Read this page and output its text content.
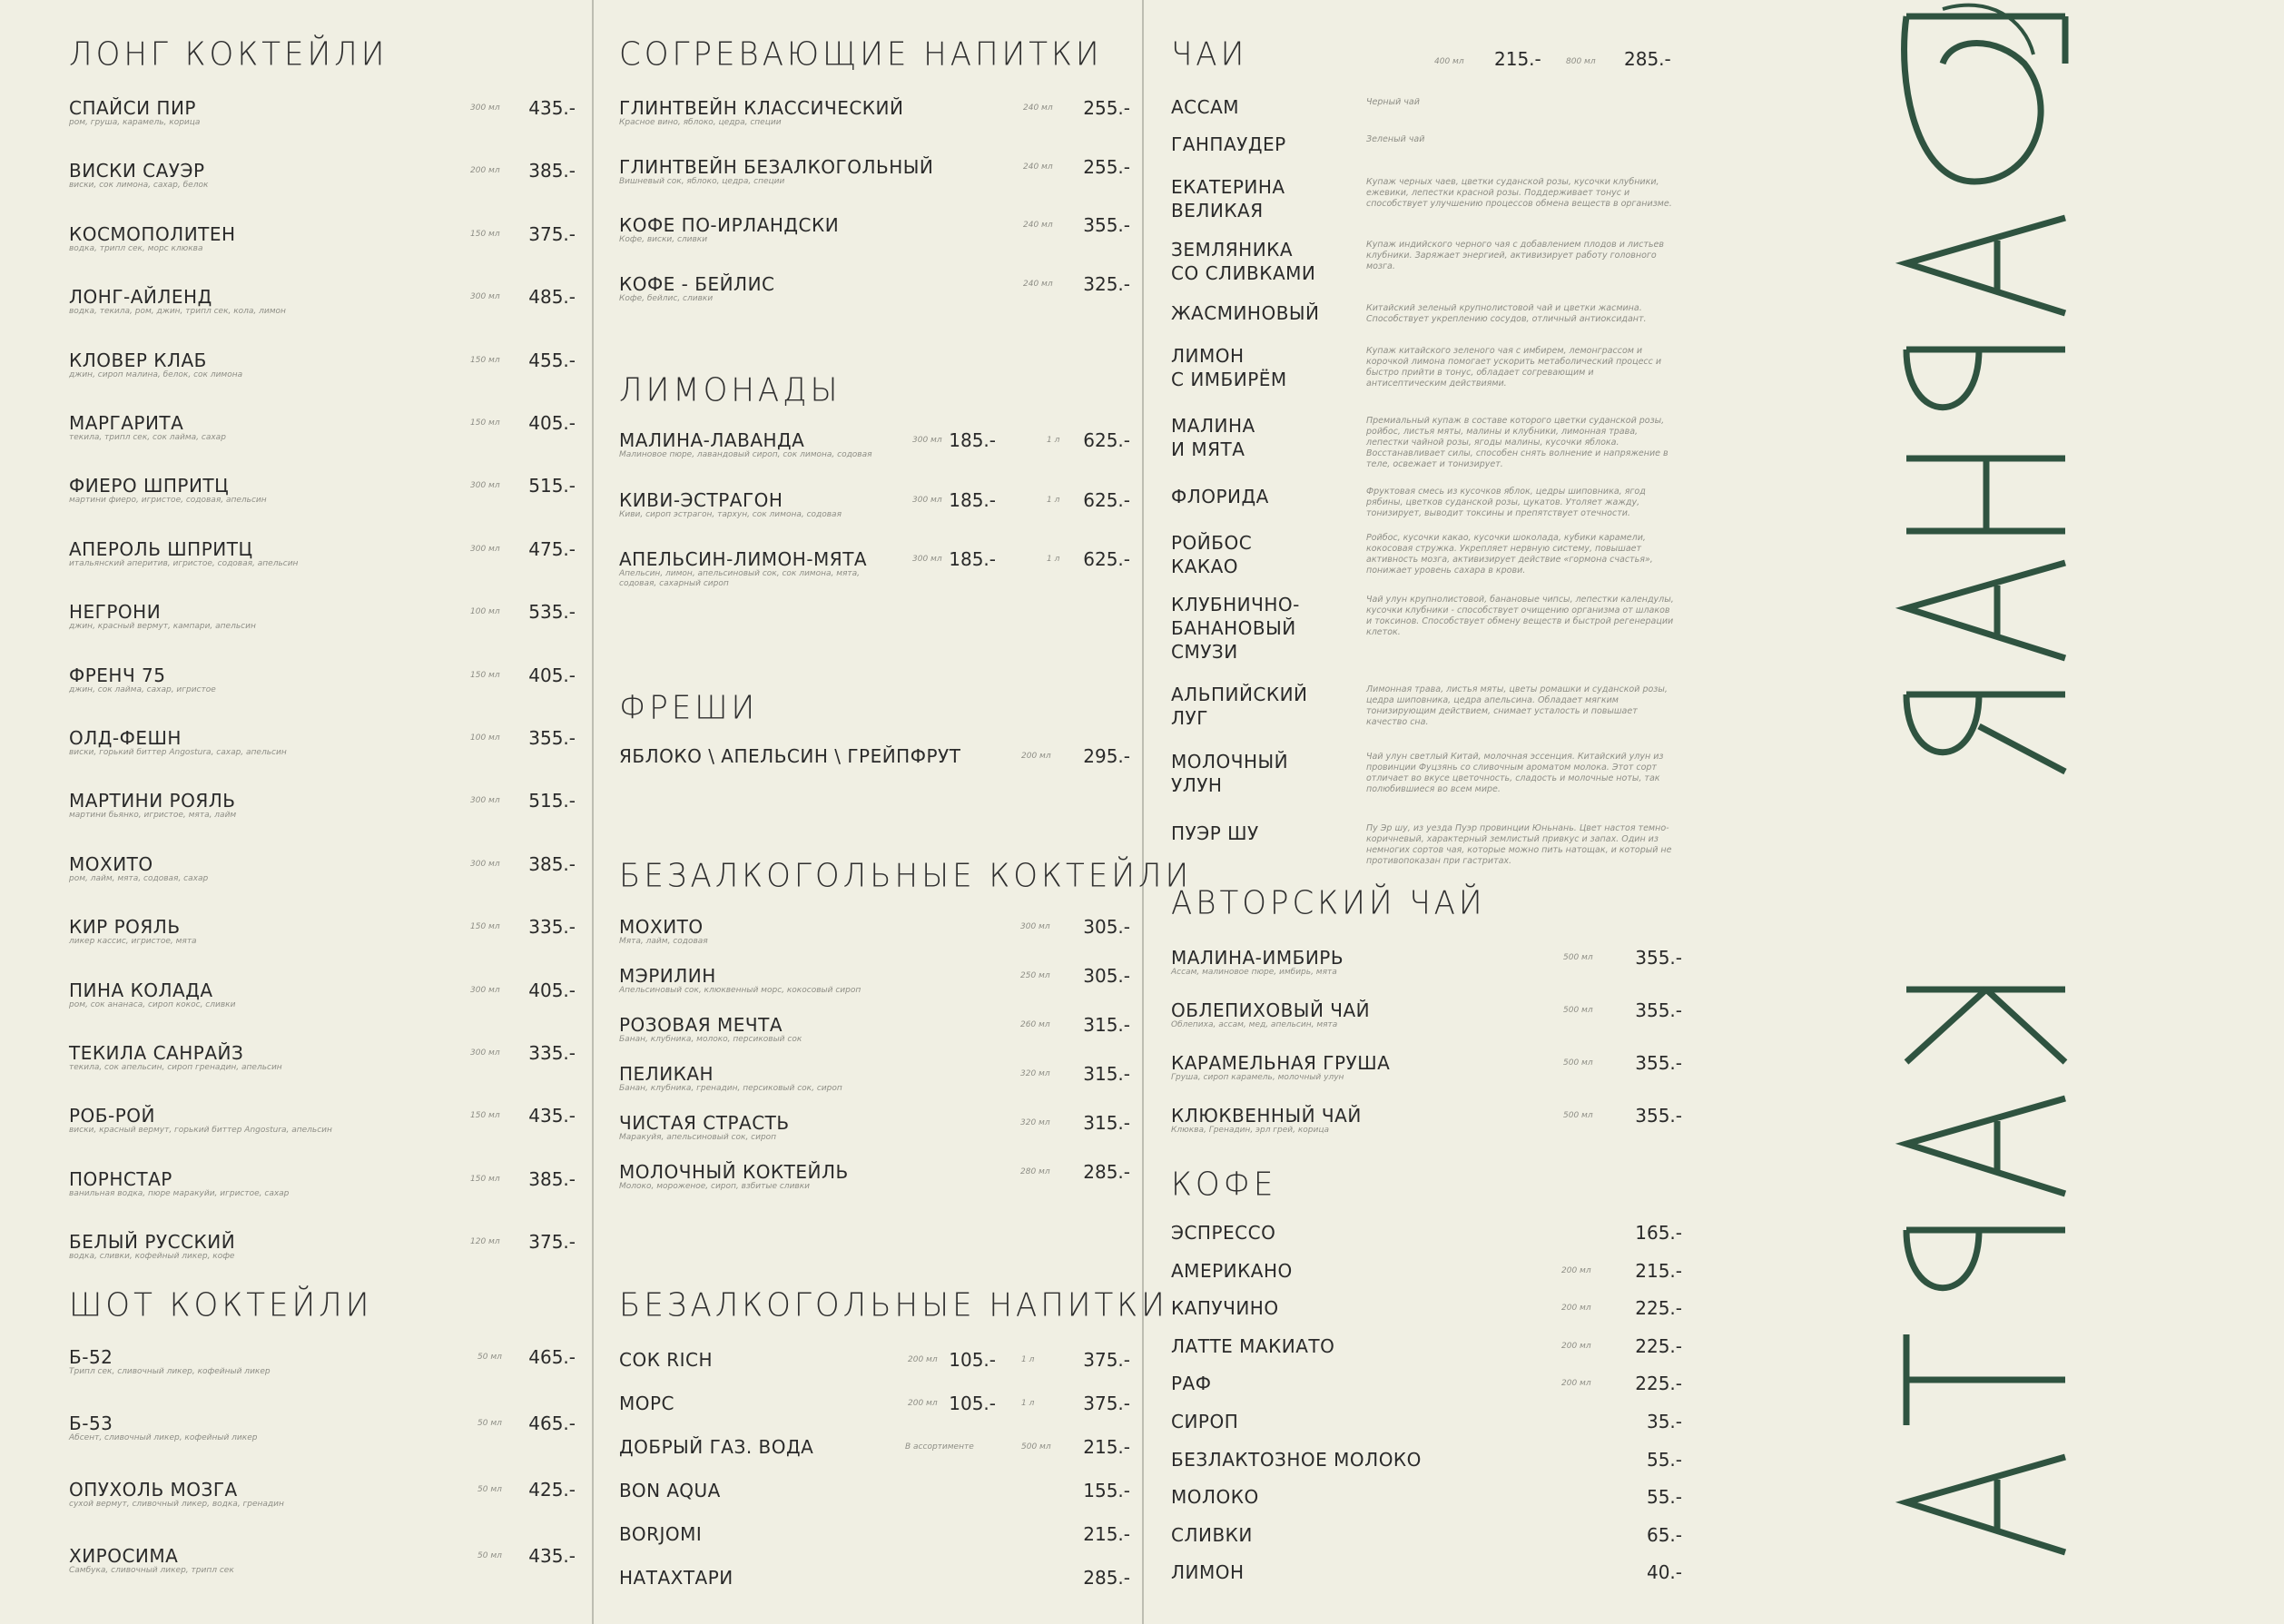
ЛОНГ КОКТЕЙЛИ
СПАЙСИ ПИР
ром, груша, карамель, корица
300 мл 435.-
ВИСКИ САУЭР
виски, сок лимона, сахар, белок
200 мл 385.-
КОСМОПОЛИТЕН
водка, трипл сек, морс клюква
150 мл 375.-
ЛОНГ-АЙЛЕНД
водка, текила, ром, джин, трипл сек, кола, лимон
300 мл 485.-
КЛОВЕР КЛАБ
джин, сироп малина, белок, сок лимона
150 мл 455.-
МАРГАРИТА
текила, трипл сек, сок лайма, сахар
150 мл 405.-
ФИЕРО ШПРИТЦ
мартини фиеро, игристое, содовая, апельсин
300 мл 515.-
АПЕРОЛЬ ШПРИТЦ
итальянский аперитив, игристое, содовая, апельсин
300 мл 475.-
НЕГРОНИ
джин, красный вермут, кампари, апельсин
100 мл 535.-
ФРЕНЧ 75
джин, сок лайма, сахар, игристое
150 мл 405.-
ОЛД-ФЕШН
виски, горький биттер Angostura, сахар, апельсин
100 мл 355.-
МАРТИНИ РОЯЛЬ
мартини бьянко, игристое, мята, лайм
300 мл 515.-
МОХИТО
ром, лайм, мята, содовая, сахар
300 мл 385.-
КИР РОЯЛЬ
ликер кассис, игристое, мята
150 мл 335.-
ПИНА КОЛАДА
ром, сок ананаса, сироп кокос, сливки
300 мл 405.-
ТЕКИЛА САНРАЙЗ
текила, сок апельсин, сироп гренадин, апельсин
300 мл 335.-
РОБ-РОЙ
виски, красный вермут, горький биттер Angostura, апельсин
150 мл 435.-
ПОРНСТАР
ванильная водка, пюре маракуйи, игристое, сахар
150 мл 385.-
БЕЛЫЙ РУССКИЙ
водка, сливки, кофейный ликер, кофе
120 мл 375.-
ШОТ КОКТЕЙЛИ
Б-52
Трипл сек, сливочный ликер, кофейный ликер
50 мл 465.-
Б-53
Абсент, сливочный ликер, кофейный ликер
50 мл 465.-
ОПУХОЛЬ МОЗГА
сухой вермут, сливочный ликер, водка, гренадин
50 мл 425.-
ХИРОСИМА
Самбука, сливочный ликер, трипл сек
50 мл 435.-
СОГРЕВАЮЩИЕ НАПИТКИ
ГЛИНТВЕЙН КЛАССИЧЕСКИЙ
Красное вино, яблоко, цедра, специи
240 мл 255.-
ГЛИНТВЕЙН БЕЗАЛКОГОЛЬНЫЙ
Вишневый сок, яблоко, цедра, специи
240 мл 255.-
КОФЕ ПО-ИРЛАНДСКИ
Кофе, виски, сливки
240 мл 355.-
КОФЕ - БЕЙЛИС
Кофе, бейлис, сливки
240 мл 325.-
ЛИМОНАДЫ
МАЛИНА-ЛАВАНДА
Малиновое пюре, лавандовый сироп, сок лимона, содовая
300 мл 185.-	1 л 625.-
КИВИ-ЭСТРАГОН
Киви, сироп эстрагон, тархун, сок лимона, содовая
300 мл 185.-	1 л 625.-
АПЕЛЬСИН-ЛИМОН-МЯТА
Апельсин, лимон, апельсиновый сок, сок лимона, мята,
содовая, сахарный сироп
300 мл 185.-	1 л 625.-
ФРЕШИ
ЯБЛОКО \ АПЕЛЬСИН \ ГРЕЙПФРУТ	200 мл 295.-
БЕЗАЛКОГОЛЬНЫЕ КОКТЕЙЛИ
МОХИТО
Мята, лайм, содовая
300 мл 305.-
МЭРИЛИН
Апельсиновый сок, клюквенный морс, кокосовый сироп
250 мл 305.-
РОЗОВАЯ МЕЧТА
Банан, клубника, молоко, персиковый сок
260 мл 315.-
ПЕЛИКАН
Банан, клубника, гренадин, персиковый сок, сироп
320 мл 315.-
ЧИСТАЯ СТРАСТЬ
Маракуйя, апельсиновый сок, сироп
320 мл 315.-
МОЛОЧНЫЙ КОКТЕЙЛЬ
Молоко, мороженое, сироп, взбитые сливки
280 мл 285.-
БЕЗАЛКОГОЛЬНЫЕ НАПИТКИ
СОК RICH	200 мл 105.-	1 л	375.-
МОРС	200 мл 105.-	1 л	375.-
ДОБРЫЙ ГАЗ. ВОДА	В ассортименте	500 мл 215.-
BON AQUA	155.-
BORJOMI	215.-
НАТАХТАРИ	285.-
ЧАИ	400 мл 215.-	800 мл 285.-
АССАМ	Черный чай
ГАНПАУДЕР	Зеленый чай
ЕКАТЕРИНА
ВЕЛИКАЯ
Купаж черных чаев, цветки суданской розы, кусочки клубники, ежевики, лепестки красной розы. Поддерживает тонус и способствует улучшению процессов обмена веществ в организме.
ЗЕМЛЯНИКА
СО СЛИВКАМИ
Купаж индийского черного чая с добавлением плодов и листьев клубники. Заряжает энергией, активизирует работу головного мозга.
ЖАСМИНОВЫЙ	Китайский зеленый крупнолистовой чай и цветки жасмина. Способствует укреплению сосудов, отличный антиоксидант.
ЛИМОН
С ИМБИРЁМ
Купаж китайского зеленого чая с имбирем, лемонграссом и корочкой лимона помогает ускорить метаболический процесс и быстро прийти в тонус, обладает согревающим и антисептическим действиями.
МАЛИНА
И МЯТА
Премиальный купаж в составе которого цветки суданской розы, ройбос, листья мяты, малины и клубники, лимонная трава, лепестки чайной розы, ягоды малины, кусочки яблока. Восстанавливает силы, способен снять волнение и напряжение в теле, освежает и тонизирует.
ФЛОРИДА	Фруктовая смесь из кусочков яблок, цедры шиповника, ягод рябины, цветков суданской розы, цукатов. Утоляет жажду, тонизирует, выводит токсины и препятствует отечности.
РОЙБОС
КАКАО
Ройбос, кусочки какао, кусочки шоколада, кубики карамели, кокосовая стружка. Укрепляет нервную систему, повышает активность мозга, активизирует действие «гормона счастья», понижает уровень сахара в крови.
КЛУБНИЧНО-
БАНАНОВЫЙ
СМУЗИ
Чай улун крупнолистовой, банановые чипсы, лепестки календулы, кусочки клубники - способствует очищению организма от шлаков и токсинов. Способствует обмену веществ и быстрой регенерации клеток.
АЛЬПИЙСКИЙ
ЛУГ
Лимонная трава, листья мяты, цветы ромашки и суданской розы, цедра шиповника, цедра апельсина. Обладает мягким тонизирующим действием, снимает усталость и повышает качество сна.
МОЛОЧНЫЙ
УЛУН
Чай улун светлый Китай, молочная эссенция. Китайский улун из провинции Фуцзянь со сливочным ароматом молока. Этот сорт отличает во вкусе цветочность, сладость и молочные ноты, так полюбившиеся во всем мире.
ПУЭР ШУ	Пу Эр шу, из уезда Пуэр провинции Юньнань. Цвет настоя темно-коричневый, характерный землистый привкус и запах. Один из немногих сортов чая, которые можно пить натощак, и который не противопоказан при гастритах.
АВТОРСКИЙ ЧАЙ
МАЛИНА-ИМБИРЬ
Ассам, малиновое пюре, имбирь, мята
500 мл 355.-
ОБЛЕПИХОВЫЙ ЧАЙ
Облепиха, ассам, мед, апельсин, мята
500 мл 355.-
КАРАМЕЛЬНАЯ ГРУША
Груша, сироп карамель, молочный улун
500 мл 355.-
КЛЮКВЕННЫЙ ЧАЙ
Клюква, Гренадин, эрл грей, корица
500 мл 355.-
КОФЕ
ЭСПРЕССО	165.-
АМЕРИКАНО	200 мл 215.-
КАПУЧИНО	200 мл 225.-
ЛАТТЕ МАКИАТО	200 мл 225.-
РАФ	200 мл 225.-
СИРОП	35.-
БЕЗЛАКТОЗНОЕ МОЛОКО	55.-
МОЛОКО	55.-
СЛИВКИ	65.-
ЛИМОН	40.-
